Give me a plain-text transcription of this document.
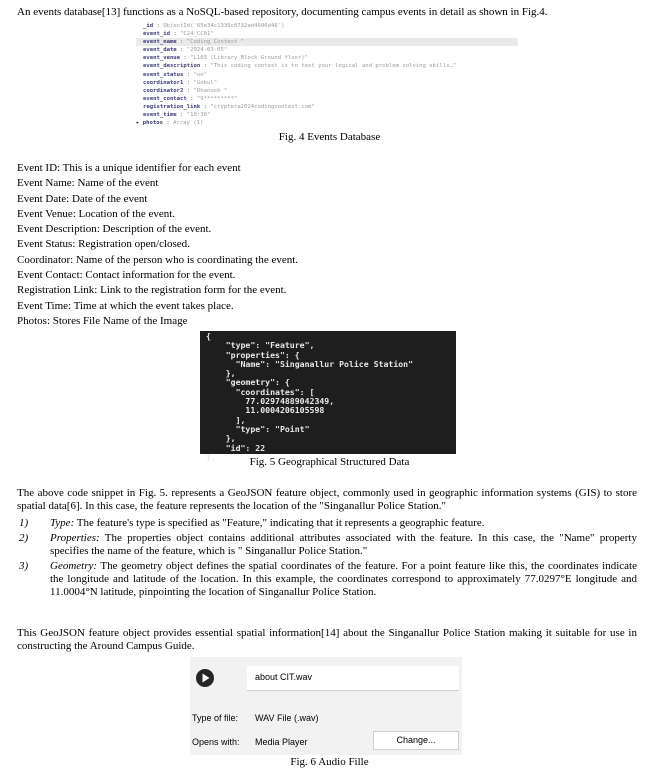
An events database[13] functions as a NoSQL-based repository, documenting campus events in detail as shown in Fig.4.

_id : ObjectId('65e34c1939c0732ad4606d46')
event_id : "C24_CC01"
event_name : "Coding Contest "
event_date : "2024-03-05"
event_venue : "L103 (Library Block Ground floor)"
event_description : "This coding contest is to test your logical and problem solving skills…"
event_status : "on"
coordinator1 : "Gokul"
coordinator2 : "Dhanush "
event_contact : "9*********"
registration_link : "cryptera2024codingcontest.com"
event_time : "10:30"
▸ photos : Array (1)
Fig. 4 Events Database
Event ID: This is a unique identifier for each event
Event Name: Name of the event
Event Date: Date of the event
Event Venue: Location of the event.
Event Description: Description of the event.
Event Status: Registration open/closed.
Coordinator: Name of the person who is coordinating the event.
Event Contact: Contact information for the event.
Registration Link: Link to the registration form for the event.
Event Time: Time at which the event takes place.
Photos: Stores File Name of the Image
{
"type": "Feature",
"properties": {
"Name": "Singanallur Police Station"
},
"geometry": {
"coordinates": [
77.02974889042349,
11.0004206105598
],
"type": "Point"
},
"id": 22
},	Fig. 5 Geographical Structured Data

The above code snippet in Fig. 5. represents a GeoJSON feature object, commonly used in geographic information systems (GIS) to store spatial data[6]. In this case, the feature represents the location of the "Singanallur Police Station."

1) Type: The feature's type is specified as "Feature," indicating that it represents a geographic feature.
2) Properties: The properties object contains additional attributes associated with the feature. In this case, the "Name" property specifies the name of the feature, which is " Singanallur Police Station."
3) Geometry: The geometry object defines the spatial coordinates of the feature. For a point feature like this, the coordinates indicate the longitude and latitude of the location. In this example, the coordinates correspond to approximately 77.0297°E longitude and 11.0004°N latitude, pinpointing the location of Singanallur Police Station.

This GeoJSON feature object provides essential spatial information[14] about the Singanallur Police Station making it suitable for use in constructing the Around Campus Guide.

about CIT.wav
Type of file: WAV File (.wav)
Opens with: Media Player	Change...
Fig. 6 Audio Fille
